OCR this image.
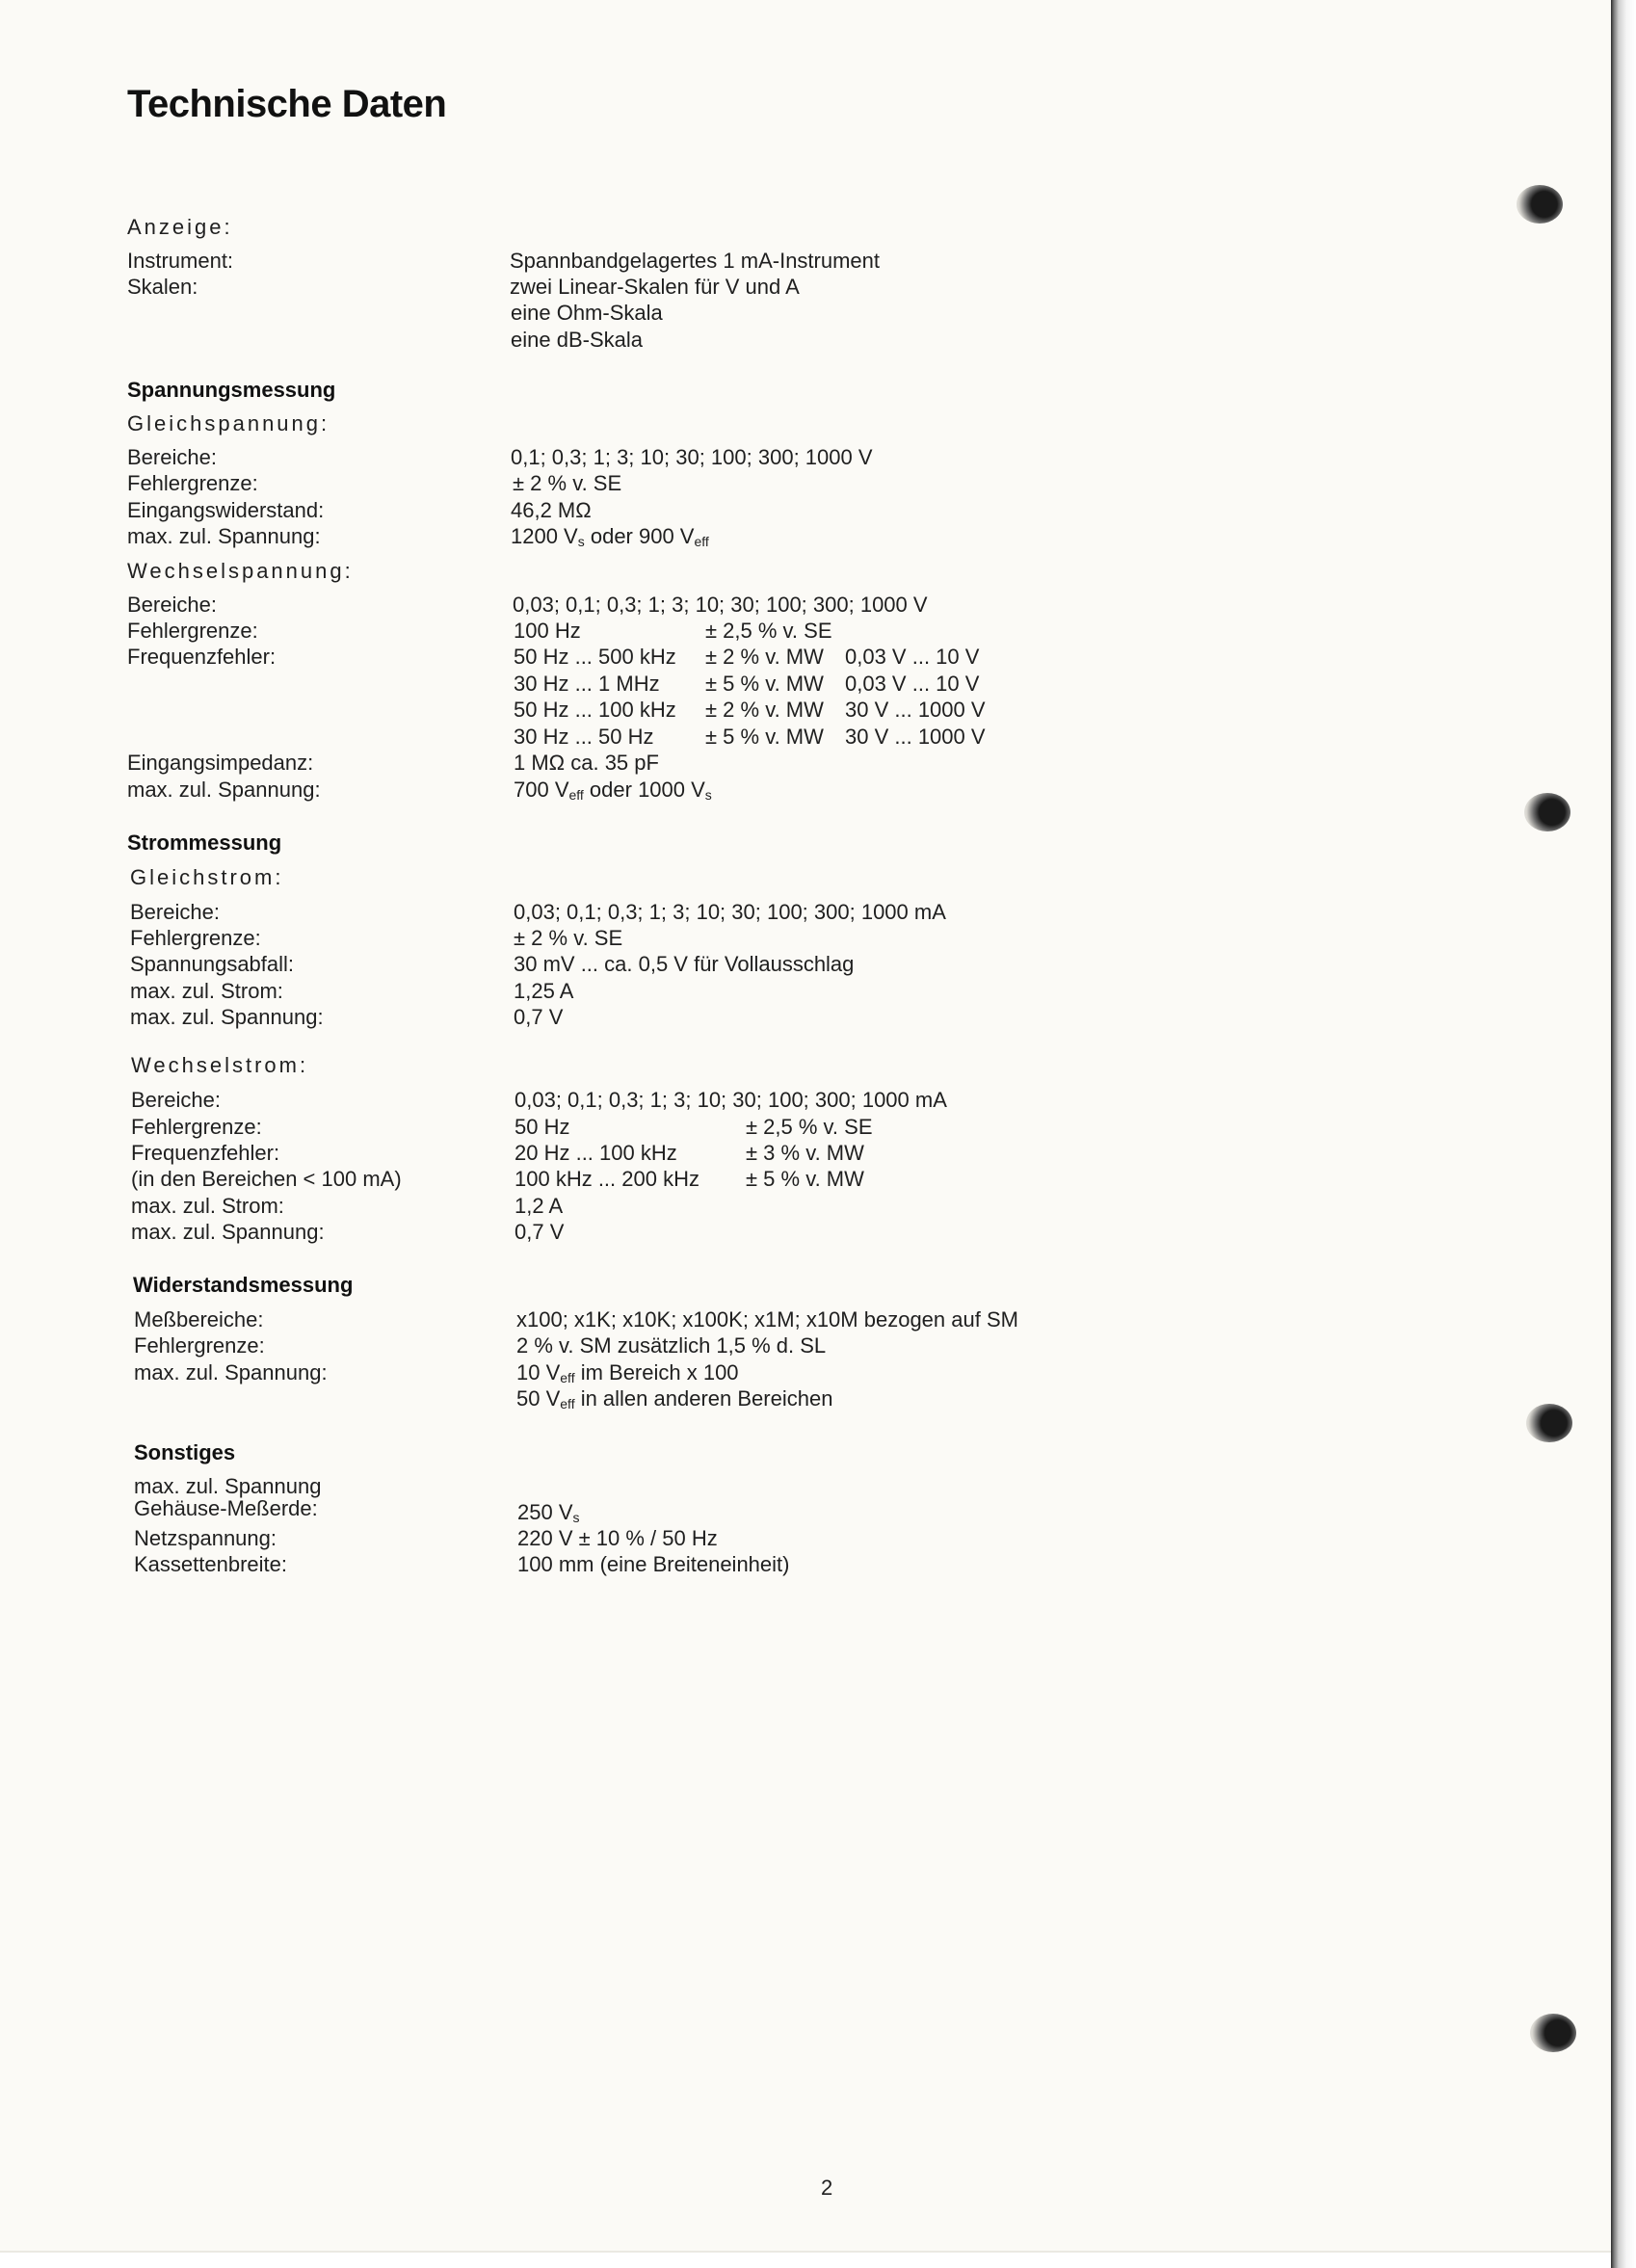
Technische Daten
Anzeige:
Instrument:	Spannbandgelagertes 1 mA-Instrument
Skalen:	zwei Linear-Skalen für V und A
eine Ohm-Skala
eine dB-Skala
Spannungsmessung
Gleichspannung:
Bereiche:	0,1; 0,3; 1; 3; 10; 30; 100; 300; 1000 V
Fehlergrenze:	± 2 % v. SE
Eingangswiderstand:	46,2 MΩ
max. zul. Spannung:	1200 $V_s$ oder 900 $V_{eff}$
Wechselspannung:
Bereiche:	0,03; 0,1; 0,3; 1; 3; 10; 30; 100; 300; 1000 V
Fehlergrenze:	100 Hz	± 2,5 % v. SE
Frequenzfehler:	50 Hz ... 500 kHz ± 2 % v. MW 0,03 V ... 10 V
30 Hz ... 1 MHz ± 5 % v. MW 0,03 V ... 10 V
50 Hz ... 100 kHz ± 2 % v. MW 30 V ... 1000 V
30 Hz ... 50 Hz ± 5 % v. MW 30 V ... 1000 V
Eingangsimpedanz:	1 MΩ ca. 35 pF
max. zul. Spannung:	700 $V_{eff}$ oder 1000 $V_s$
Strommessung
Gleichstrom:
Bereiche:	0,03; 0,1; 0,3; 1; 3; 10; 30; 100; 300; 1000 mA
Fehlergrenze:	± 2 % v. SE
Spannungsabfall:	30 mV ... ca. 0,5 V für Vollausschlag
max. zul. Strom:	1,25 A
max. zul. Spannung:	0,7 V
Wechselstrom:
Bereiche:	0,03; 0,1; 0,3; 1; 3; 10; 30; 100; 300; 1000 mA
Fehlergrenze:	50 Hz	± 2,5 % v. SE
Frequenzfehler:	20 Hz ... 100 kHz	± 3 % v. MW
(in den Bereichen < 100 mA)	100 kHz ... 200 kHz ± 5 % v. MW
max. zul. Strom:	1,2 A
max. zul. Spannung:	0,7 V
Widerstandsmessung
Meßbereiche:	x100; x1K; x10K; x100K; x1M; x10M bezogen auf SM
Fehlergrenze:	2 % v. SM zusätzlich 1,5 % d. SL
max. zul. Spannung:	10 $V_{eff}$ im Bereich x 100
50 $V_{eff}$ in allen anderen Bereichen
Sonstiges
max. zul. Spannung
Gehäuse-Meßerde:	250 $V_s$
Netzspannung:	220 V ± 10 % / 50 Hz
Kassettenbreite:	100 mm (eine Breiteneinheit)
2
